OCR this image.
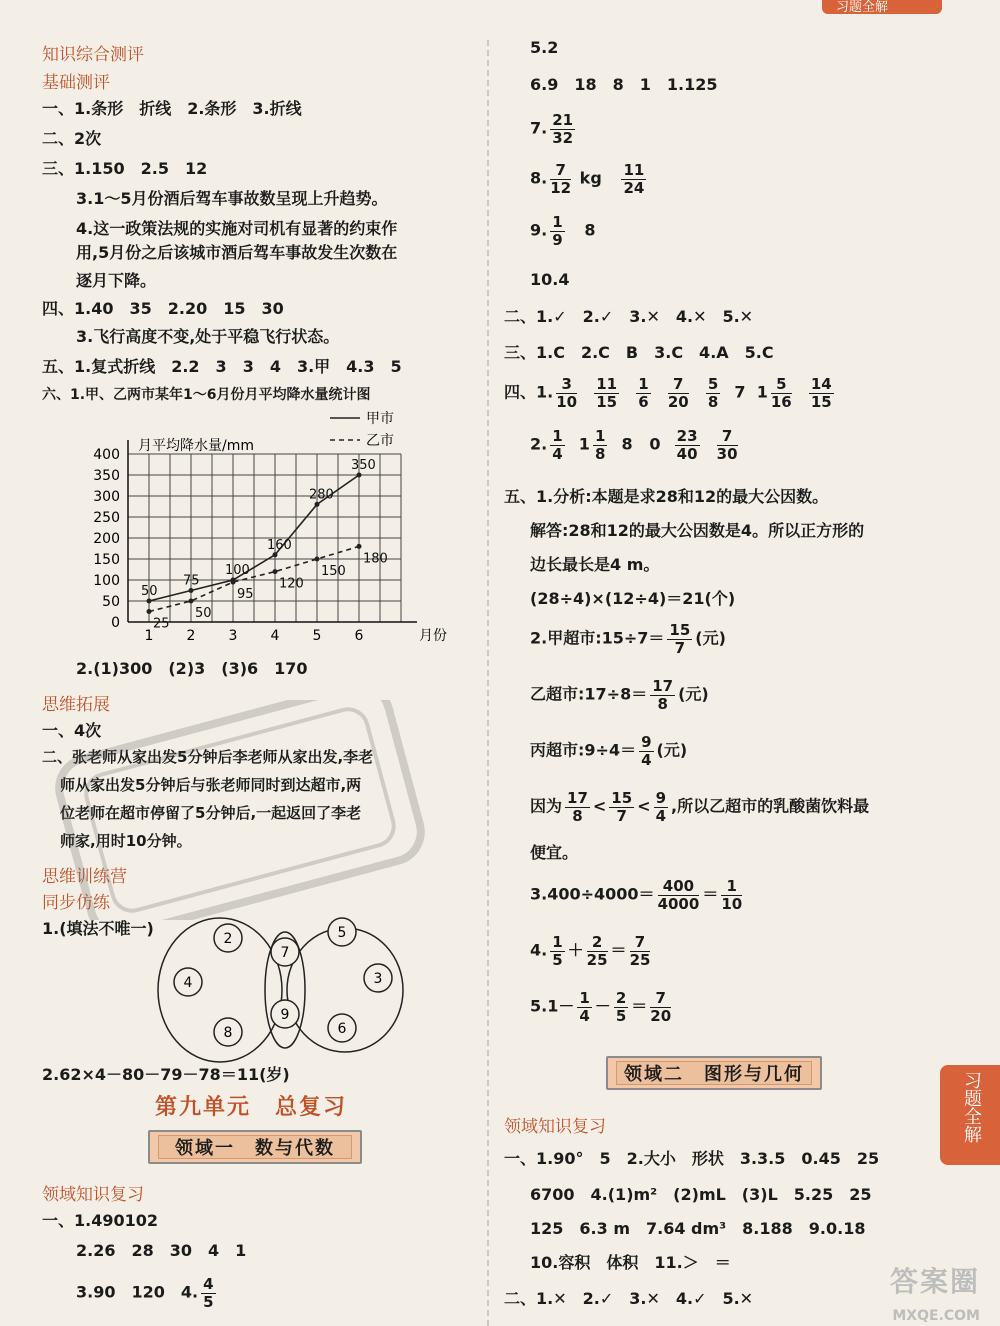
习题全解
知识综合测评
基础测评
一、1.条形　折线　2.条形　3.折线
二、2次
三、1.150　2.5　12
3.1～5月份酒后驾车事故数呈现上升趋势。
4.这一政策法规的实施对司机有显著的约束作
用,5月份之后该城市酒后驾车事故发生次数在
逐月下降。
四、1.40　35　2.20　15　30
3.飞行高度不变,处于平稳飞行状态。
五、1.复式折线　2.2　3　3　4　3.甲　4.3　5
六、1.甲、乙两市某年1～6月份月平均降水量统计图
0
50
100
150
200
250
300
350
400
1 2 3 4 5 6	月份
月平均降水量/mm
50
75
100
160
280
350
25
50
95
120
150
180
甲市
乙市
2.(1)300　(2)3　(3)6　170
思维拓展
一、4次
二、张老师从家出发5分钟后李老师从家出发,李老
师从家出发5分钟后与张老师同时到达超市,两
位老师在超市停留了5分钟后,一起返回了李老
师家,用时10分钟。
思维训练营
同步仿练
1.(填法不唯一)
2
7
5
4	3
9
8	6
2.62×4－80－79－78＝11(岁)
第九单元　总复习
领域一　数与代数
领域知识复习
一、1.490102
2.26　28　30　4　1
3.90　120　4. $\frac{4}{5}$
5.2
6.9　18　8　1　1.125
7. $\frac{21}{32}$
8. $\frac{7}{12}$ kg $\frac{11}{24}$
9. $\frac{1}{9} 8$
10.4
二、1.✓　2.✓　3.✕　4.✕　5.✕
三、1.C　2.C　B　3.C　4.A　5.C
四、1. $\frac{3}{10}$
$\frac{11}{15}$
$\frac{1}{6}$
$\frac{7}{20}$
$\frac{5}{8} 7$ $1 \frac{5}{16}$
$\frac{14}{15}$
2. $\frac{1}{4} 1 \frac{1}{8} 8$ $0 \frac{23}{40}$
$\frac{7}{30}$
五、1.分析:本题是求28和12的最大公因数。
解答:28和12的最大公因数是4。所以正方形的
边长最长是4 m。
(28÷4)×(12÷4)＝21(个)
2.甲超市:15÷7＝ $\frac{15}{7}$ (元)
乙超市:17÷8＝ $\frac{17}{8}$ (元)
丙超市:9÷4＝ $\frac{9}{4}$ (元)
因为 $\frac{17}{8} < \frac{15}{7} < \frac{9}{4}$ ,所以乙超市的乳酸菌饮料最
便宜。
$3.400\div 4000= \frac{400}{4000} = \frac{1}{10}$
4. $\frac{1}{5} + \frac{2}{25} = \frac{7}{25}$
$5.1- \frac{1}{4} - \frac{2}{5} = \frac{7}{20}$
领域二　图形与几何
领域知识复习
一、1.90°　5　2.大小　形状　3.3.5　0.45　25
6700　4.(1)m²　(2)mL　(3)L　5.25　25
125　6.3 m　7.64 dm³　8.188　9.0.18
10.容积　体积　11.＞　＝
二、1.✕　2.✓　3.✕　4.✓　5.✕
习题全解
答案圈
MXQE.COM
